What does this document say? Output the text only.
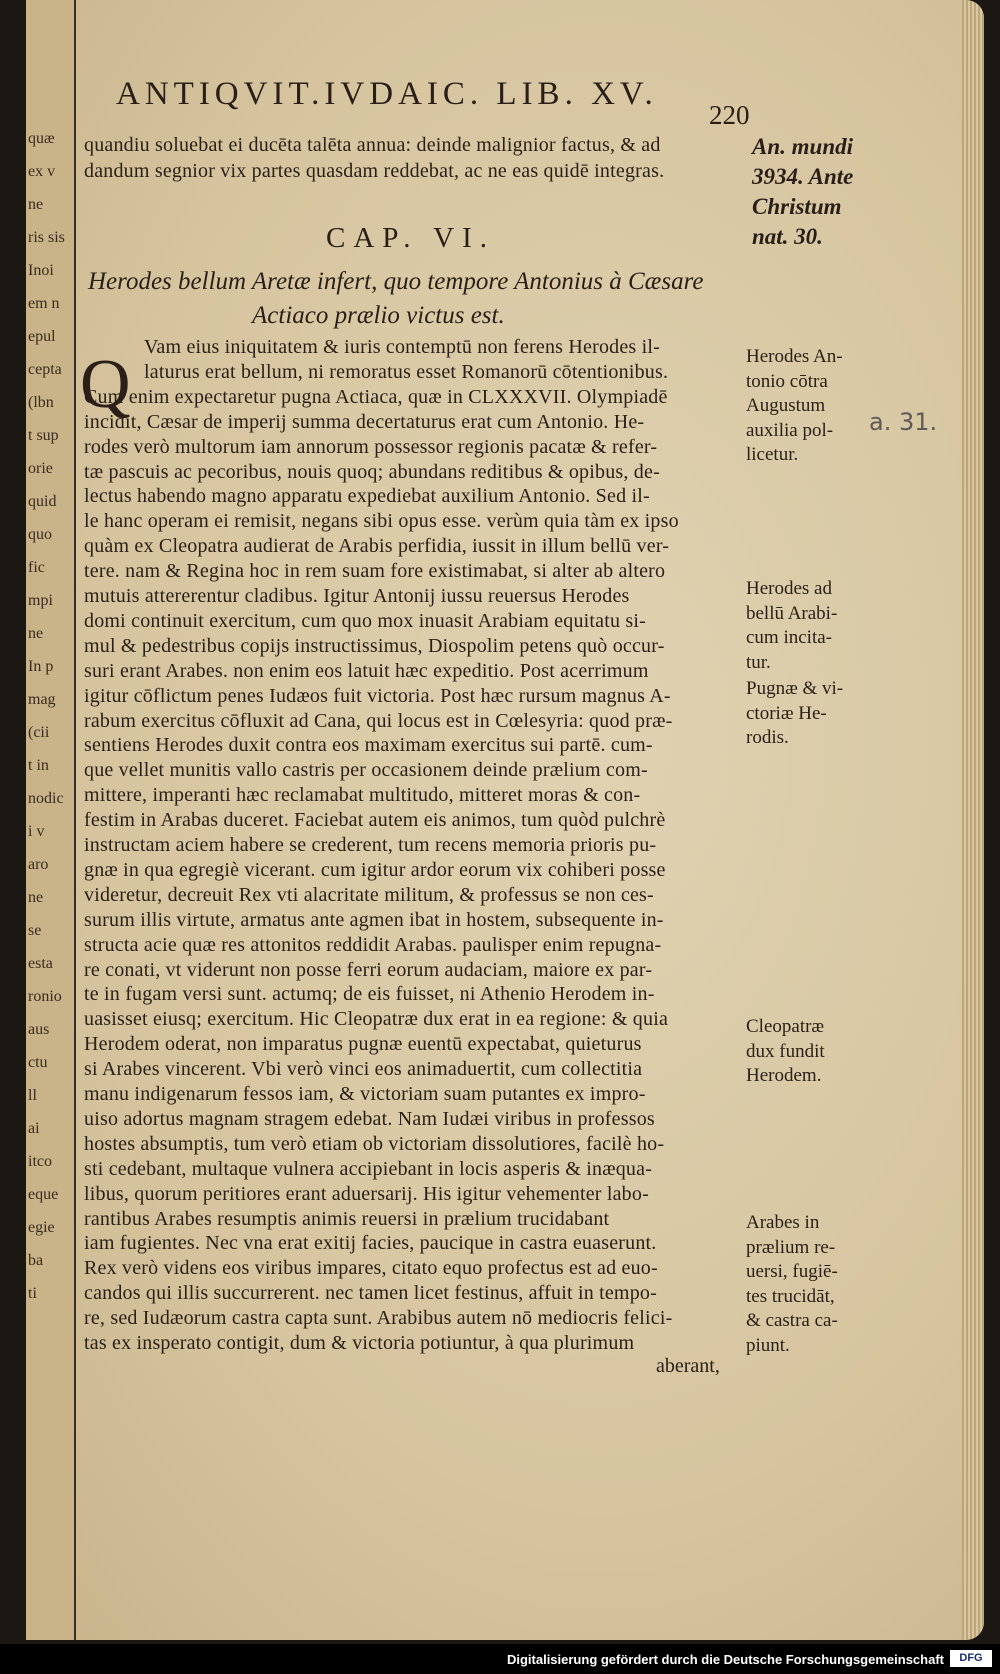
quæ
ex v
ne
ris sis
Inoi
em n
epul
cepta
(lbn
t sup
orie
quid
quo
fic
mpi
ne
In p
mag
(cii
t in
nodic
i v
aro
ne
se
esta
ronio
aus
ctu
ll
ai
itco
eque
egie
ba
ti
ANTIQVIT.IVDAIC. LIB. XV.
220
quandiu soluebat ei ducēta talēta annua: deinde malignior factus, & ad
dandum segnior vix partes quasdam reddebat, ac ne eas quidē integras.
CAP. VI.
Herodes bellum Aretæ infert, quo tempore Antonius à Cæsare
Actiaco prælio victus est.
Q Vam eius iniquitatem & iuris contemptū non ferens Herodes il-
laturus erat bellum, ni remoratus esset Romanorū cōtentionibus.
Cum enim expectaretur pugna Actiaca, quæ in CLXXXVII. Olympiadē
incidit, Cæsar de imperij summa decertaturus erat cum Antonio. He-
rodes verò multorum iam annorum possessor regionis pacatæ & refer-
tæ pascuis ac pecoribus, nouis quoq; abundans reditibus & opibus, de-
lectus habendo magno apparatu expediebat auxilium Antonio. Sed il-
le hanc operam ei remisit, negans sibi opus esse. verùm quia tàm ex ipso
quàm ex Cleopatra audierat de Arabis perfidia, iussit in illum bellū ver-
tere. nam & Regina hoc in rem suam fore existimabat, si alter ab altero
mutuis attererentur cladibus. Igitur Antonij iussu reuersus Herodes
domi continuit exercitum, cum quo mox inuasit Arabiam equitatu si-
mul & pedestribus copijs instructissimus, Diospolim petens quò occur-
suri erant Arabes. non enim eos latuit hæc expeditio. Post acerrimum
igitur cōflictum penes Iudæos fuit victoria. Post hæc rursum magnus A-
rabum exercitus cōfluxit ad Cana, qui locus est in Cœlesyria: quod præ-
sentiens Herodes duxit contra eos maximam exercitus sui partē. cum-
que vellet munitis vallo castris per occasionem deinde prælium com-
mittere, imperanti hæc reclamabat multitudo, mitteret moras & con-
festim in Arabas duceret. Faciebat autem eis animos, tum quòd pulchrè
instructam aciem habere se crederent, tum recens memoria prioris pu-
gnæ in qua egregiè vicerant. cum igitur ardor eorum vix cohiberi posse
videretur, decreuit Rex vti alacritate militum, & professus se non ces-
surum illis virtute, armatus ante agmen ibat in hostem, subsequente in-
structa acie quæ res attonitos reddidit Arabas. paulisper enim repugna-
re conati, vt viderunt non posse ferri eorum audaciam, maiore ex par-
te in fugam versi sunt. actumq; de eis fuisset, ni Athenio Herodem in-
uasisset eiusq; exercitum. Hic Cleopatræ dux erat in ea regione: & quia
Herodem oderat, non imparatus pugnæ euentū expectabat, quieturus
si Arabes vincerent. Vbi verò vinci eos animaduertit, cum collectitia
manu indigenarum fessos iam, & victoriam suam putantes ex impro-
uiso adortus magnam stragem edebat. Nam Iudæi viribus in professos
hostes absumptis, tum verò etiam ob victoriam dissolutiores, facilè ho-
sti cedebant, multaque vulnera accipiebant in locis asperis & inæqua-
libus, quorum peritiores erant aduersarij. His igitur vehementer labo-
rantibus Arabes resumptis animis reuersi in prælium trucidabant
iam fugientes. Nec vna erat exitij facies, paucique in castra euaserunt.
Rex verò videns eos viribus impares, citato equo profectus est ad euo-
candos qui illis succurrerent. nec tamen licet festinus, affuit in tempo-
re, sed Iudæorum castra capta sunt. Arabibus autem nō mediocris felici-
tas ex insperato contigit, dum & victoria potiuntur, à qua plurimum
aberant,
An. mundi
3934. Ante
Christum
nat. 30.
Herodes An-
tonio cōtra
Augustum
auxilia pol-
licetur.
Herodes ad
bellū Arabi-
cum incita-
tur.
Pugnæ & vi-
ctoriæ He-
rodis.
Cleopatræ
dux fundit
Herodem.
Arabes in
prælium re-
uersi, fugiē-
tes trucidāt,
& castra ca-
piunt.
a. 31.
Digitalisierung gefördert durch die Deutsche Forschungsgemeinschaft	DFG
